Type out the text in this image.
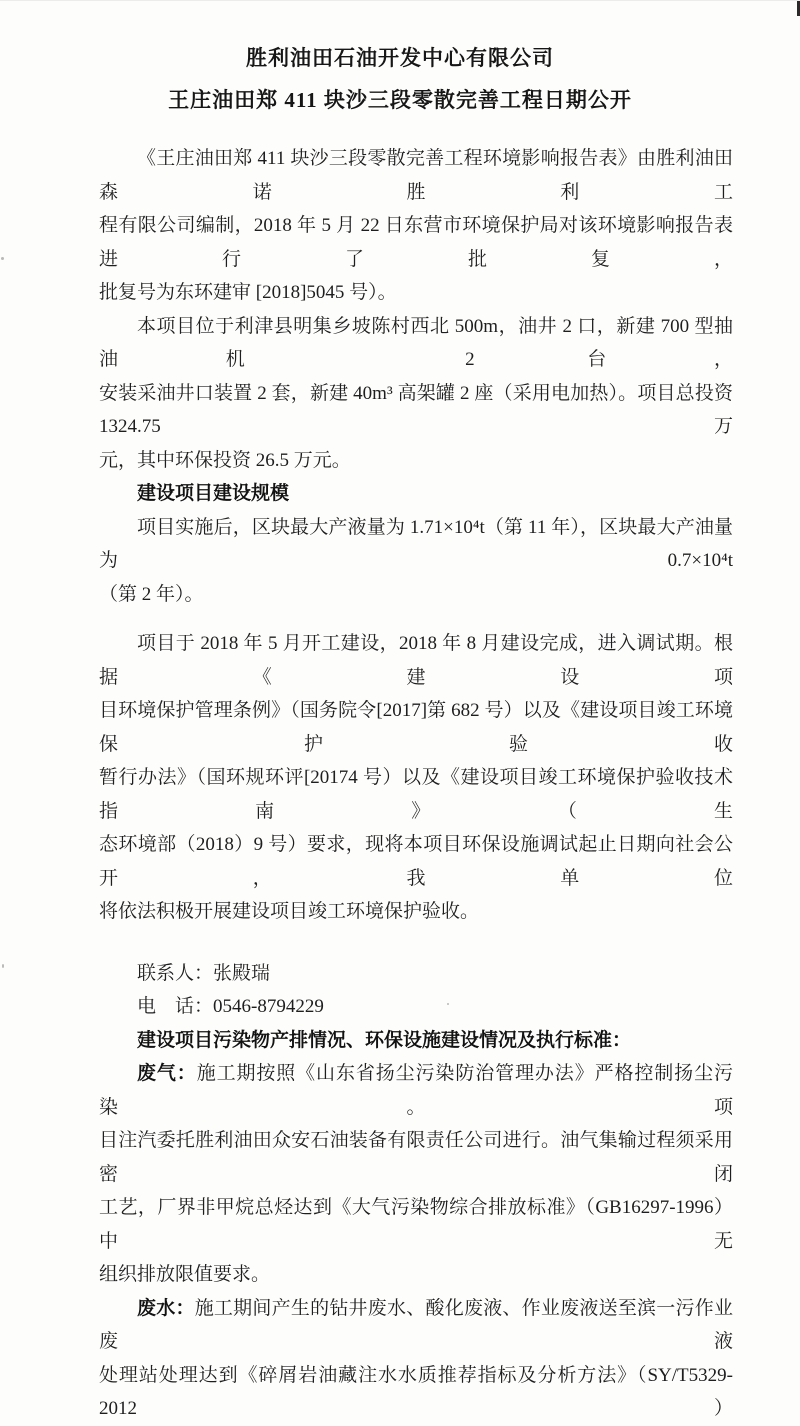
胜利油田石油开发中心有限公司
王庄油田郑 411 块沙三段零散完善工程日期公开
《王庄油田郑 411 块沙三段零散完善工程环境影响报告表》由胜利油田森诺胜利工
程有限公司编制，2018 年 5 月 22 日东营市环境保护局对该环境影响报告表进行了批复，
批复号为东环建审 [2018]5045 号）。
本项目位于利津县明集乡坡陈村西北 500m，油井 2 口，新建 700 型抽油机 2 台，
安装采油井口装置 2 套，新建 40m³ 高架罐 2 座（采用电加热）。项目总投资 1324.75 万
元，其中环保投资 26.5 万元。
建设项目建设规模
项目实施后，区块最大产液量为 1.71×10⁴t（第 11 年），区块最大产油量为 0.7×10⁴t
（第 2 年）。
项目于 2018 年 5 月开工建设，2018 年 8 月建设完成，进入调试期。根据《建设项
目环境保护管理条例》（国务院令[2017]第 682 号）以及《建设项目竣工环境保护验收
暂行办法》（国环规环评[20174 号）以及《建设项目竣工环境保护验收技术指南》（生
态环境部（2018）9 号）要求，现将本项目环保设施调试起止日期向社会公开，我单位
将依法积极开展建设项目竣工环境保护验收。
联系人：张殿瑞
电　话：0546-8794229
建设项目污染物产排情况、环保设施建设情况及执行标准：
废气：施工期按照《山东省扬尘污染防治管理办法》严格控制扬尘污染。项
目注汽委托胜利油田众安石油装备有限责任公司进行。油气集输过程须采用密闭
工艺，厂界非甲烷总烃达到《大气污染物综合排放标准》（GB16297-1996）中无
组织排放限值要求。
废水：施工期间产生的钻井废水、酸化废液、作业废液送至滨一污作业废液
处理站处理达到《碎屑岩油藏注水水质推荐指标及分析方法》（SY/T5329-2012）
